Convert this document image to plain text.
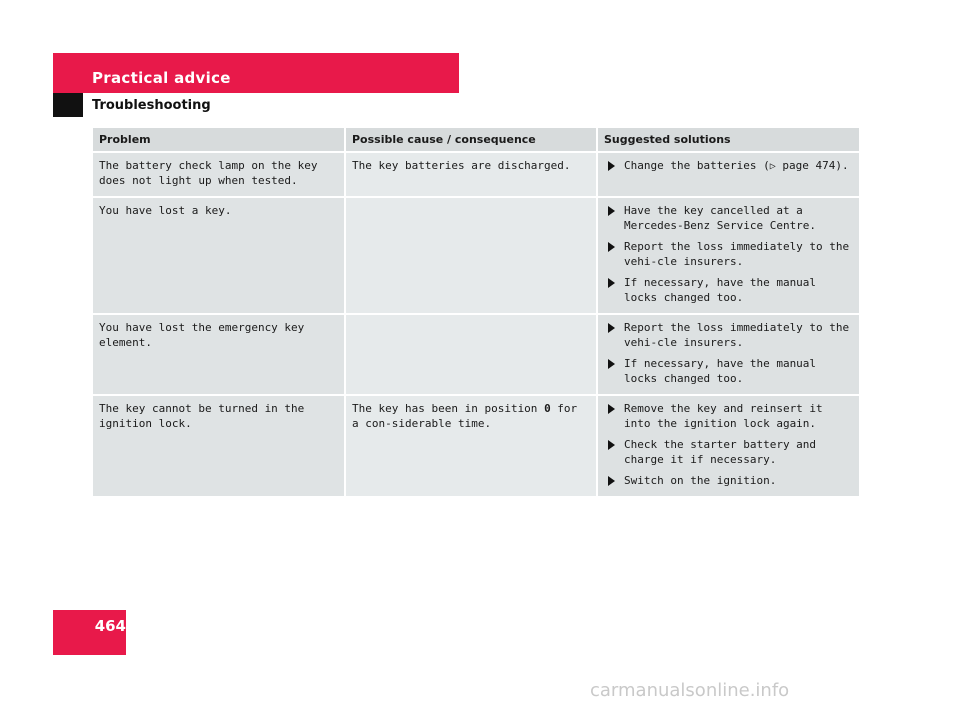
Practical advice
Troubleshooting
Problem	Possible cause / consequence	Suggested solutions
The battery check lamp on the key does not light up when tested.	The key batteries are discharged.	Change the batteries (▷ page 474).

You have lost a key.		Have the key cancelled at a Mercedes-Benz Service Centre.
Report the loss immediately to the vehi-cle insurers.
If necessary, have the manual locks changed too.

You have lost the emergency key element.		Report the loss immediately to the vehi-cle insurers.
If necessary, have the manual locks changed too.

The key cannot be turned in the ignition lock.	The key has been in position 0 for a con-siderable time.	Remove the key and reinsert it into the ignition lock again.
Check the starter battery and charge it if necessary.
Switch on the ignition.
464
carmanualsonline.info
